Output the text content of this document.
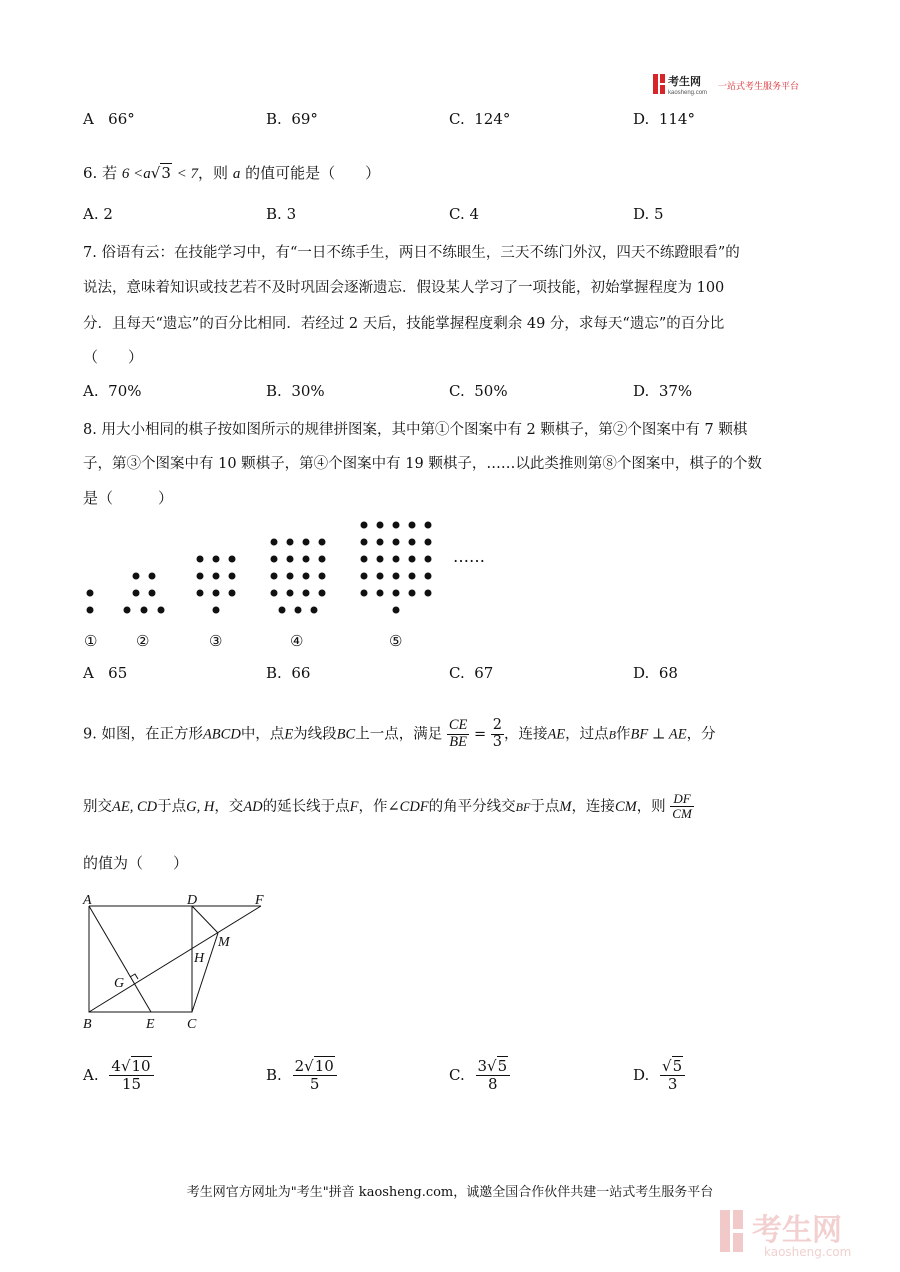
考生网
kaosheng.com
一站式考生服务平台
A 66°	B. 69°	C. 124°	D. 114°
6. 若 6 <a√3 < 7，则 a 的值可能是（　　）
A. 2	B. 3	C. 4	D. 5
7. 俗语有云：在技能学习中，有“一日不练手生，两日不练眼生，三天不练门外汉，四天不练蹬眼看”的
说法，意味着知识或技艺若不及时巩固会逐渐遗忘．假设某人学习了一项技能，初始掌握程度为 100
分．且每天“遗忘”的百分比相同．若经过 2 天后，技能掌握程度剩余 49 分，求每天“遗忘”的百分比
（　　）
A. 70%	B. 30%	C. 50%	D. 37%
8. 用大小相同的棋子按如图所示的规律拼图案，其中第①个图案中有 2 颗棋子，第②个图案中有 7 颗棋
子，第③个图案中有 10 颗棋子，第④个图案中有 19 颗棋子，……以此类推则第⑧个图案中，棋子的个数
是（　　　）
……
①	②	③	④	⑤
A 65	B. 66	C. 67	D. 68
9. 如图，在正方形ABCD中，点E为线段BC上一点，满足 $\frac{CE}{BE} = \frac{2}{3}$ ，连接AE，过点B作BF ⊥ AE，分
别交AE, CD于点G, H，交AD的延长线于点F，作∠CDF的角平分线交BF于点M，连接CM，则 $\frac{DF}{CM}$
的值为（　　）
A	D	F
M
H
G
B	E C
A. $\frac{4√10}{15}$	B. $\frac{2√10}{5}$	C. $\frac{3√5}{8}$	D. $\frac{√5}{3}$
考生网官方网址为"考生"拼音 kaosheng.com，诚邀全国合作伙伴共建一站式考生服务平台
考生网
kaosheng.com
